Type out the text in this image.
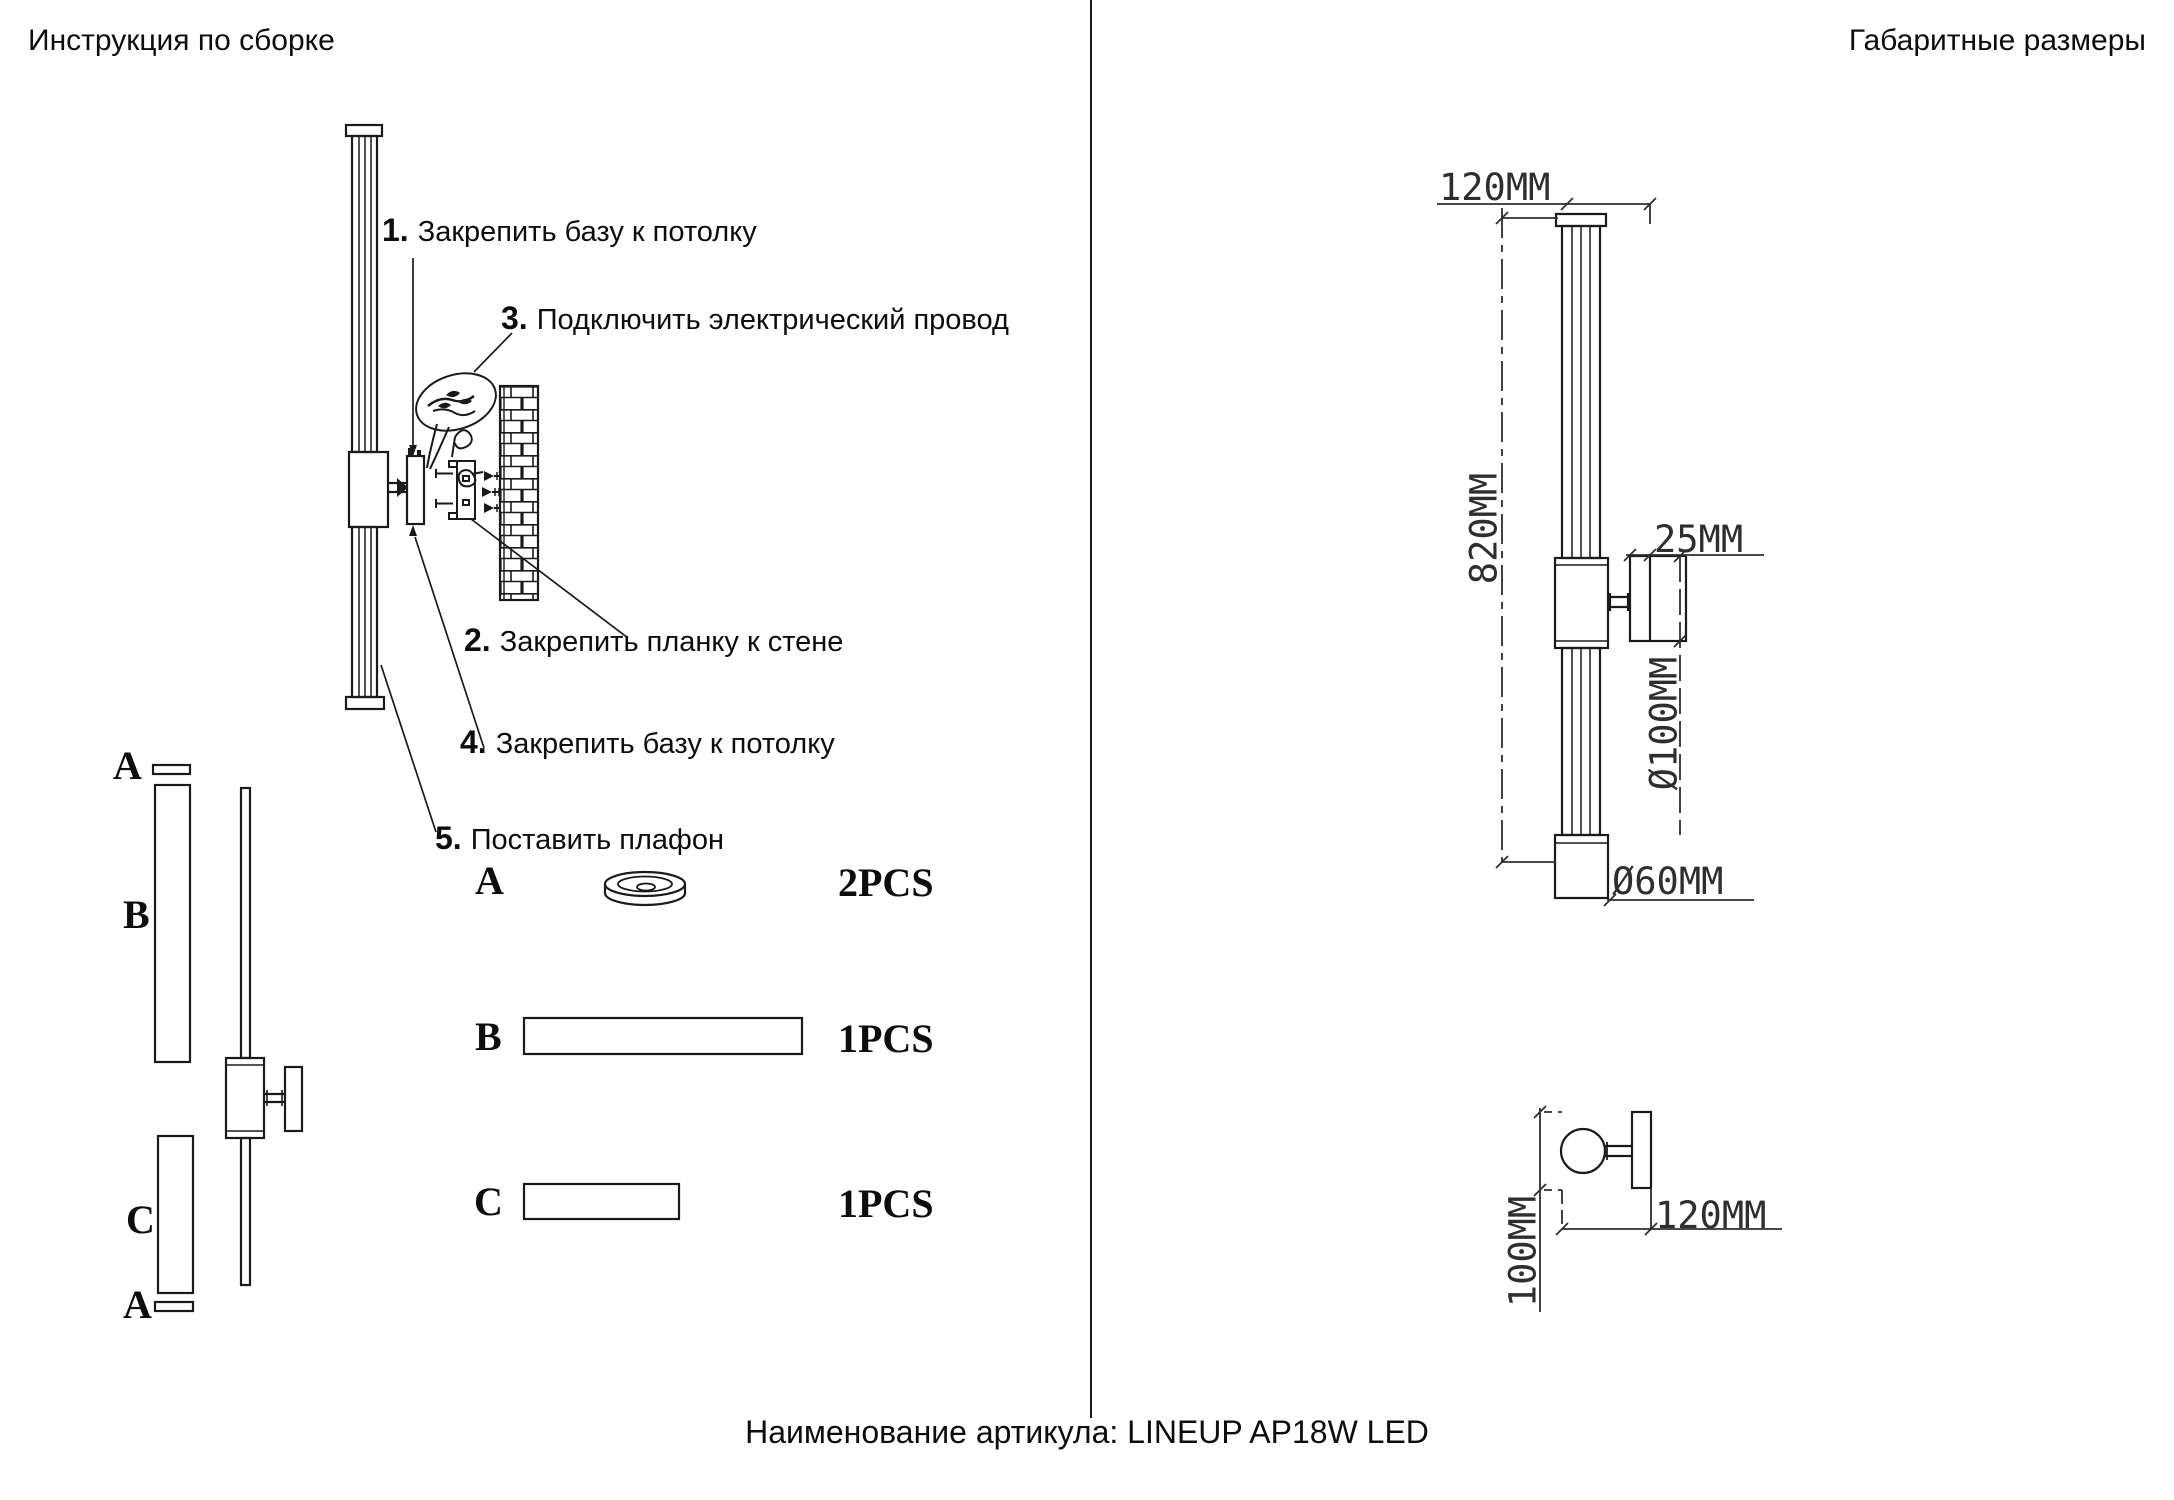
Инструкция по сборке	Габаритные размеры
1. Закрепить базу к потолку
3. Подключить электрический провод
2. Закрепить планку к стене
4. Закрепить базу к потолку
5. Поставить плафон
A
B
C
A
A	2PCS
B	1PCS
C	1PCS
120MM
820MM	25MM
Ø100MM
Ø60MM
100MM	120MM
Наименование артикула: LINEUP AP18W LED
